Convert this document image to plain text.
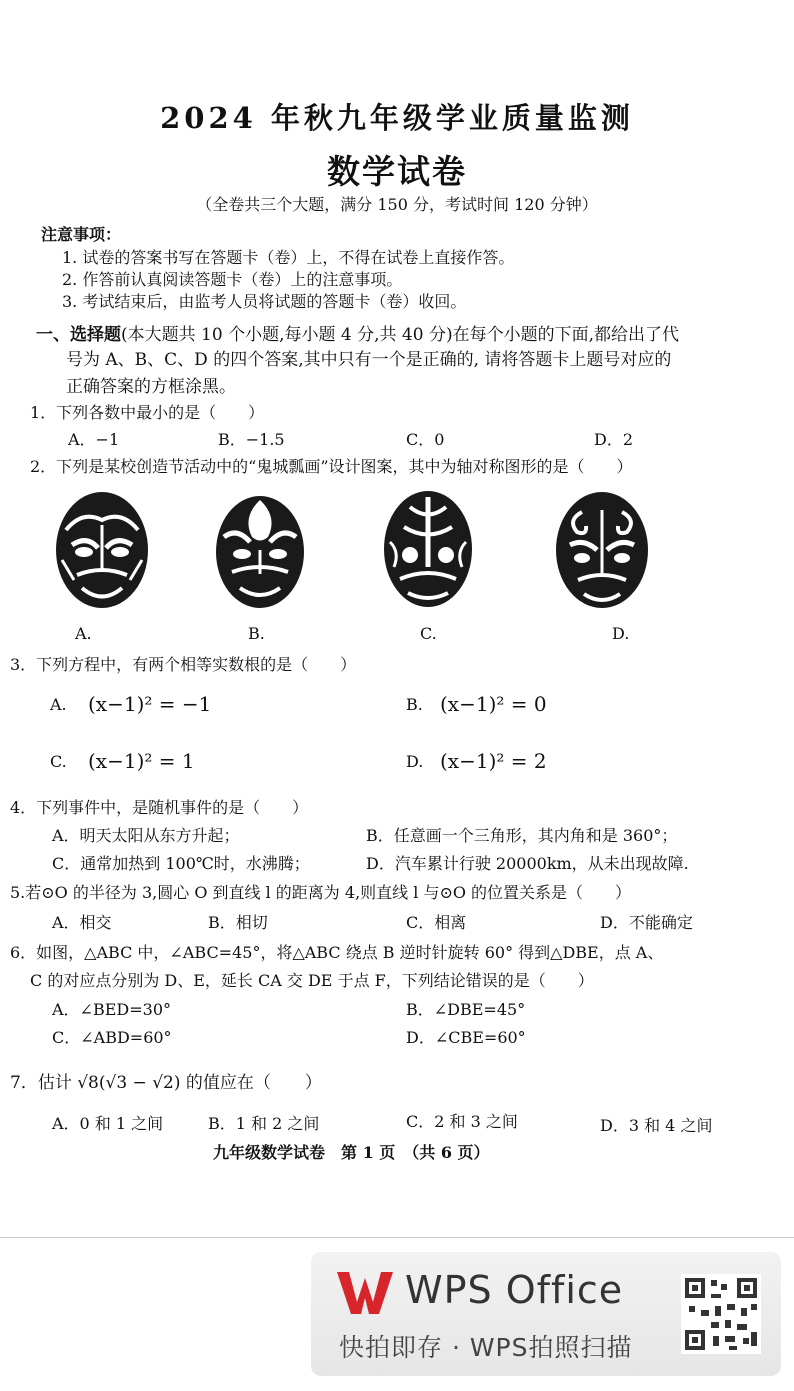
2024 年秋九年级学业质量监测
数学试卷
（全卷共三个大题，满分 150 分，考试时间 120 分钟）
注意事项：
1. 试卷的答案书写在答题卡（卷）上，不得在试卷上直接作答。
2. 作答前认真阅读答题卡（卷）上的注意事项。
3. 考试结束后，由监考人员将试题的答题卡（卷）收回。
一、选择题(本大题共 10 个小题,每小题 4 分,共 40 分)在每个小题的下面,都给出了代
号为 A、B、C、D 的四个答案,其中只有一个是正确的, 请将答题卡上题号对应的
正确答案的方框涂黑。
1．下列各数中最小的是（　　）
A．−1	B．−1.5	C．0	D．2
2．下列是某校创造节活动中的“鬼城瓢画”设计图案，其中为轴对称图形的是（　　）
A.	B.	C.	D.
3．下列方程中，有两个相等实数根的是（　　）
A. (x−1)² = −1	B. (x−1)² = 0
C. (x−1)² = 1	D. (x−1)² = 2
4．下列事件中，是随机事件的是（　　）
A．明天太阳从东方升起；	B．任意画一个三角形，其内角和是 360°；
C．通常加热到 100℃时，水沸腾；	D．汽车累计行驶 20000km，从未出现故障.
5.若⊙O 的半径为 3,圆心 O 到直线 l 的距离为 4,则直线 l 与⊙O 的位置关系是（　　）
A．相交	B．相切	C．相离	D．不能确定
6．如图，△ABC 中，∠ABC=45°，将△ABC 绕点 B 逆时针旋转 60° 得到△DBE，点 A、
C 的对应点分别为 D、E，延长 CA 交 DE 于点 F，下列结论错误的是（　　）
A．∠BED=30°	B．∠DBE=45°
C．∠ABD=60°	D．∠CBE=60°
7．估计 √8(√3 − √2) 的值应在（　　）
A．0 和 1 之间	B．1 和 2 之间	C．2 和 3 之间	D．3 和 4 之间
九年级数学试卷　第 1 页　（共 6 页）
WPS Office
快拍即存 · WPS拍照扫描
